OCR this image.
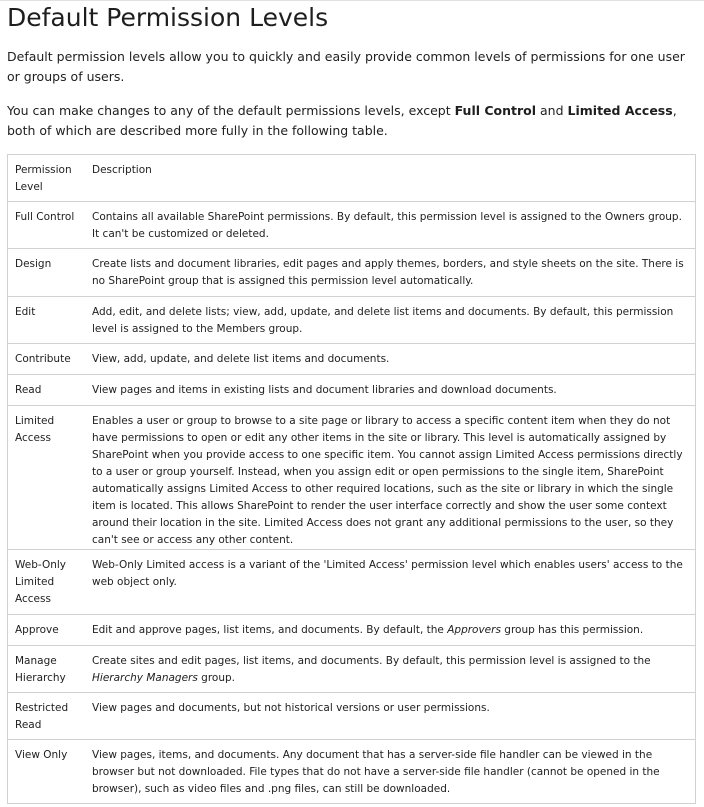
Default Permission Levels

Default permission levels allow you to quickly and easily provide common levels of permissions for one user or groups of users.

You can make changes to any of the default permissions levels, except Full Control and Limited Access, both of which are described more fully in the following table.

Permission Level	Description

Full Control	Contains all available SharePoint permissions. By default, this permission level is assigned to the Owners group. It can't be customized or deleted.

Design	Create lists and document libraries, edit pages and apply themes, borders, and style sheets on the site. There is no SharePoint group that is assigned this permission level automatically.

Edit	Add, edit, and delete lists; view, add, update, and delete list items and documents. By default, this permission level is assigned to the Members group.

Contribute	View, add, update, and delete list items and documents.

Read	View pages and items in existing lists and document libraries and download documents.

Limited Access	Enables a user or group to browse to a site page or library to access a specific content item when they do not have permissions to open or edit any other items in the site or library. This level is automatically assigned by SharePoint when you provide access to one specific item. You cannot assign Limited Access permissions directly to a user or group yourself. Instead, when you assign edit or open permissions to the single item, SharePoint automatically assigns Limited Access to other required locations, such as the site or library in which the single item is located. This allows SharePoint to render the user interface correctly and show the user some context around their location in the site. Limited Access does not grant any additional permissions to the user, so they can't see or access any other content.

Web-Only Limited Access	Web-Only Limited access is a variant of the 'Limited Access' permission level which enables users' access to the web object only.

Approve	Edit and approve pages, list items, and documents. By default, the Approvers group has this permission.

Manage Hierarchy	Create sites and edit pages, list items, and documents. By default, this permission level is assigned to the Hierarchy Managers group.

Restricted Read	View pages and documents, but not historical versions or user permissions.

View Only	View pages, items, and documents. Any document that has a server-side file handler can be viewed in the browser but not downloaded. File types that do not have a server-side file handler (cannot be opened in the browser), such as video files and .png files, can still be downloaded.
